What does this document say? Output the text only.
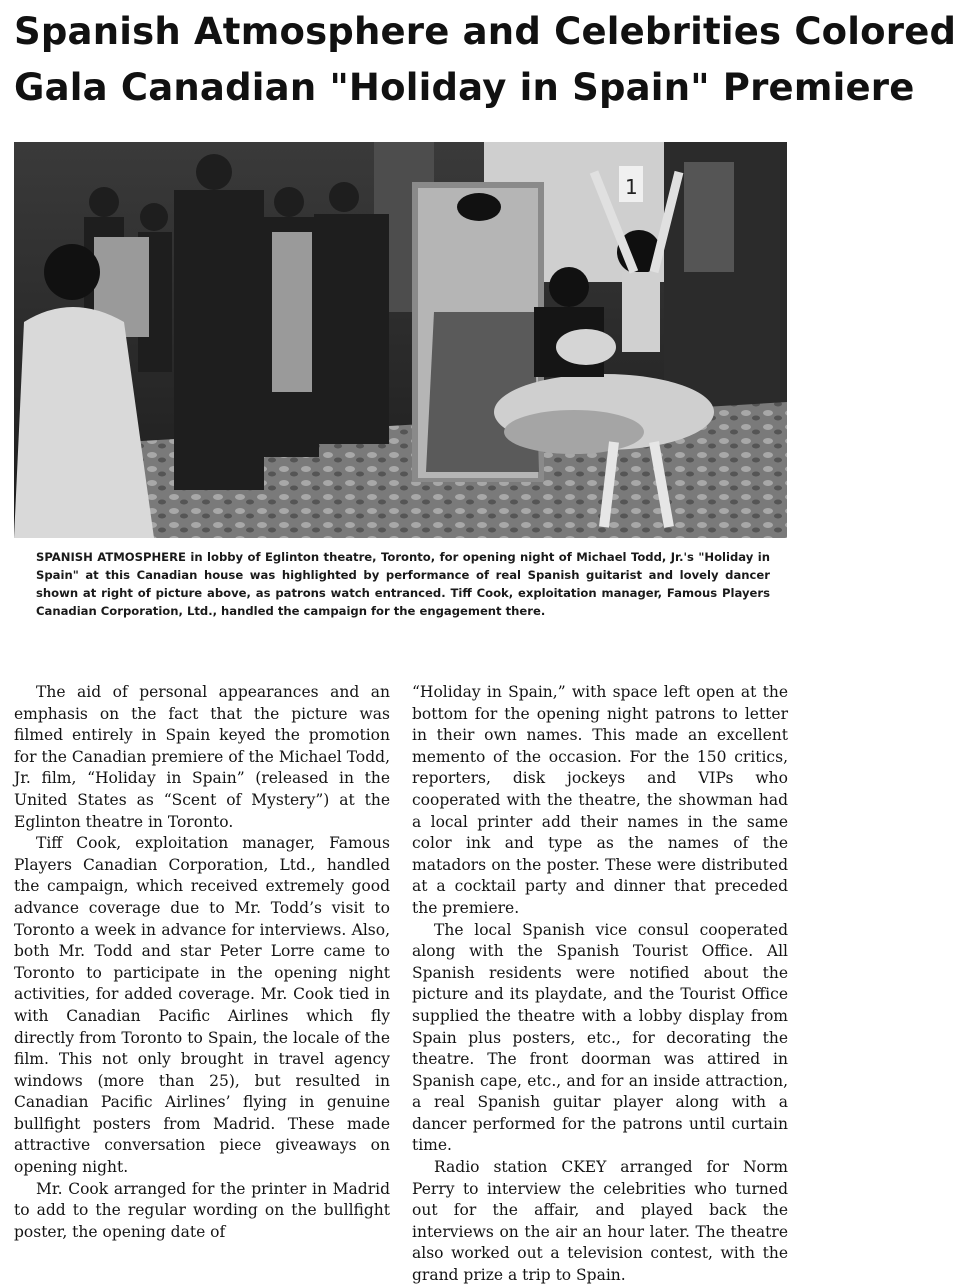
Spanish Atmosphere and Celebrities Colored
Gala Canadian "Holiday in Spain" Premiere
1
SPANISH ATMOSPHERE in lobby of Eglinton theatre, Toronto, for opening night of Michael Todd, Jr.'s "Holiday in Spain" at this Canadian house was highlighted by performance of real Spanish guitarist and lovely dancer shown at right of picture above, as patrons watch entranced. Tiff Cook, exploitation manager, Famous Players Canadian Corporation, Ltd., handled the campaign for the engagement there.

The aid of personal appearances and an emphasis on the fact that the picture was filmed entirely in Spain keyed the promotion for the Canadian premiere of the Michael Todd, Jr. film, “Holiday in Spain” (released in the United States as “Scent of Mystery”) at the Eglinton theatre in Toronto.

Tiff Cook, exploitation manager, Famous Players Canadian Corporation, Ltd., handled the campaign, which received extremely good advance coverage due to Mr. Todd’s visit to Toronto a week in advance for interviews. Also, both Mr. Todd and star Peter Lorre came to Toronto to participate in the opening night activities, for added coverage. Mr. Cook tied in with Canadian Pacific Airlines which fly directly from Toronto to Spain, the locale of the film. This not only brought in travel agency windows (more than 25), but resulted in Canadian Pacific Airlines’ flying in genuine bullfight posters from Madrid. These made attractive conversation piece giveaways on opening night.

Mr. Cook arranged for the printer in Madrid to add to the regular wording on the bullfight poster, the opening date of

“Holiday in Spain,” with space left open at the bottom for the opening night patrons to letter in their own names. This made an excellent memento of the occasion. For the 150 critics, reporters, disk jockeys and VIPs who cooperated with the theatre, the showman had a local printer add their names in the same color ink and type as the names of the matadors on the poster. These were distributed at a cocktail party and dinner that preceded the premiere.

The local Spanish vice consul cooperated along with the Spanish Tourist Office. All Spanish residents were notified about the picture and its playdate, and the Tourist Office supplied the theatre with a lobby display from Spain plus posters, etc., for decorating the theatre. The front doorman was attired in Spanish cape, etc., and for an inside attraction, a real Spanish guitar player along with a dancer performed for the patrons until curtain time.

Radio station CKEY arranged for Norm Perry to interview the celebrities who turned out for the affair, and played back the interviews on the air an hour later. The theatre also worked out a television contest, with the grand prize a trip to Spain.
